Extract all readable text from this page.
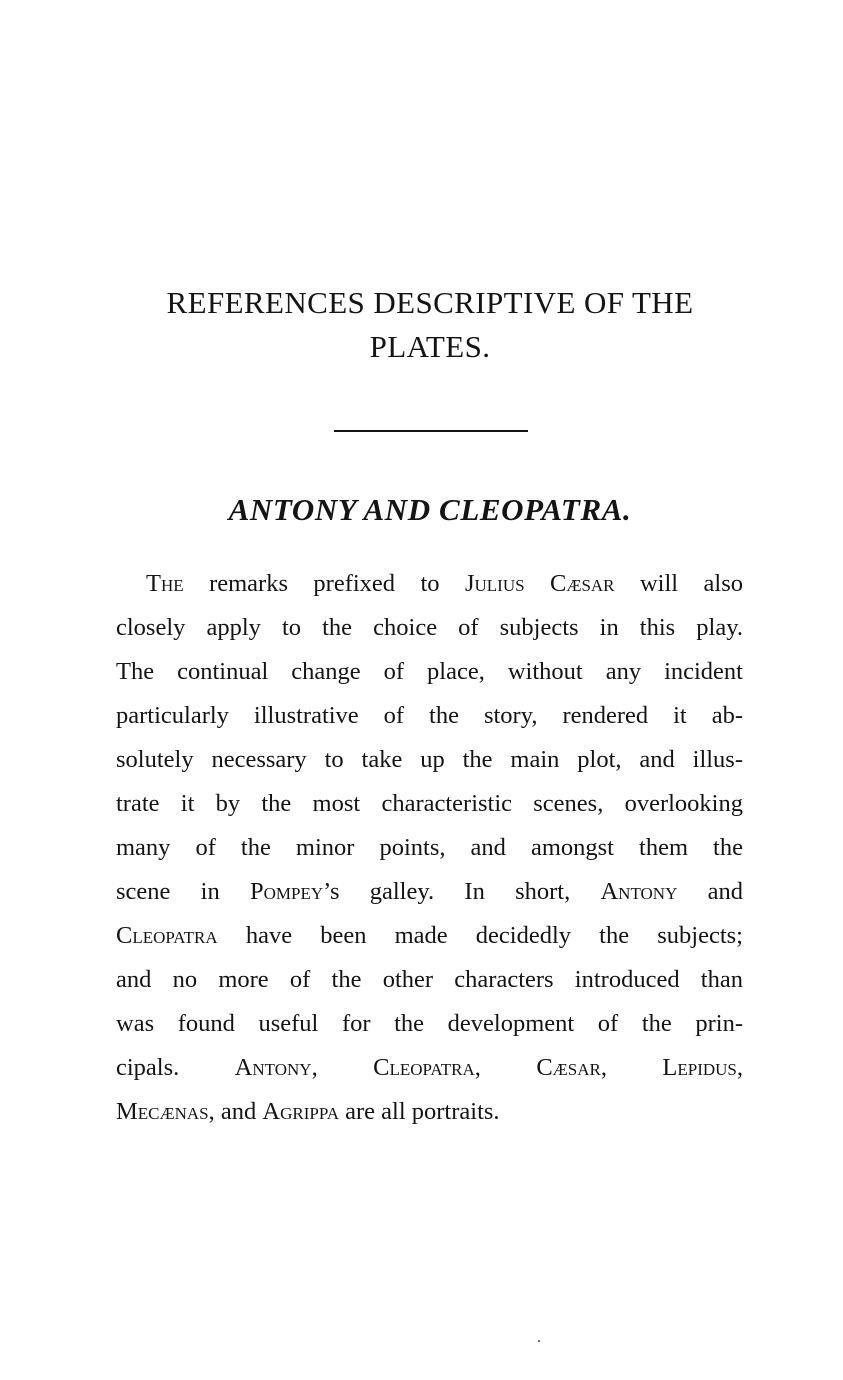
REFERENCES DESCRIPTIVE OF THE
PLATES.
ANTONY AND CLEOPATRA.
The remarks prefixed to Julius Cæsar will also
closely apply to the choice of subjects in this play.
The continual change of place, without any incident
particularly illustrative of the story, rendered it ab-
solutely necessary to take up the main plot, and illus-
trate it by the most characteristic scenes, overlooking
many of the minor points, and amongst them the
scene in Pompey’s galley. In short, Antony and
Cleopatra have been made decidedly the subjects;
and no more of the other characters introduced than
was found useful for the development of the prin-
cipals. Antony, Cleopatra, Cæsar, Lepidus,
Mecænas, and Agrippa are all portraits.
